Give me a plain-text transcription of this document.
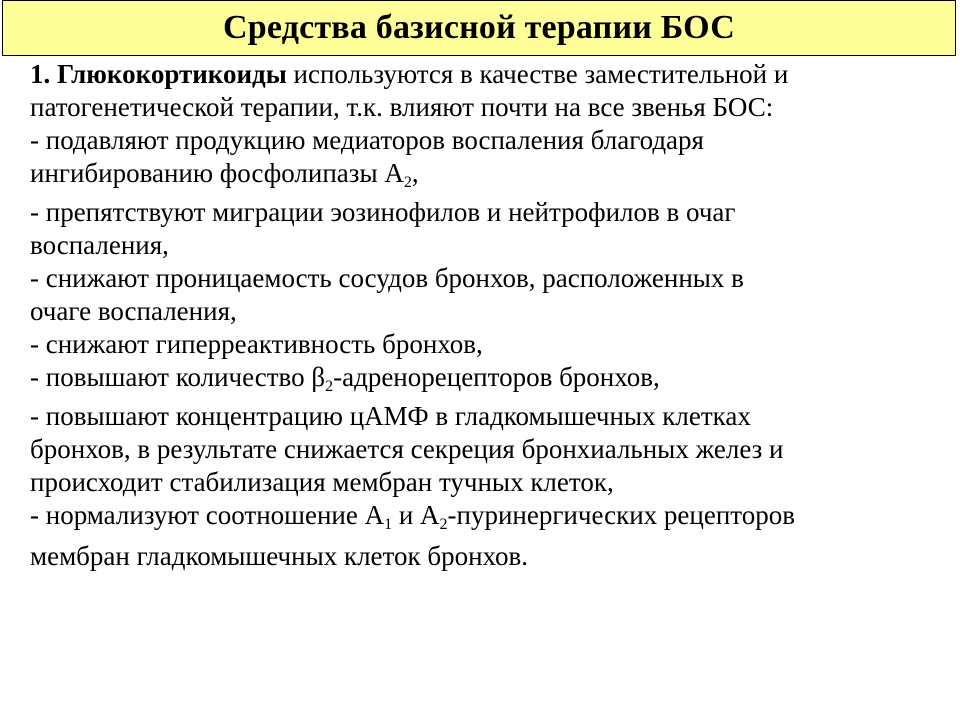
Средства базисной терапии БОС

1. Глюкокортикоиды используются в качестве заместительной и

патогенетической терапии, т.к. влияют почти на все звенья БОС:

- подавляют продукцию медиаторов воспаления благодаря

ингибированию фосфолипазы $А_2$,

- препятствуют миграции эозинофилов и нейтрофилов в очаг

воспаления,

- снижают проницаемость сосудов бронхов, расположенных в

очаге воспаления,

- снижают гиперреактивность бронхов,

- повышают количество $\beta_2$-адренорецепторов бронхов,

- повышают концентрацию цАМФ в гладкомышечных клетках

бронхов, в результате снижается секреция бронхиальных желез и

происходит стабилизация мембран тучных клеток,

- нормализуют соотношение $А_1$ и $А_2$-пуринергических рецепторов

мембран гладкомышечных клеток бронхов.
